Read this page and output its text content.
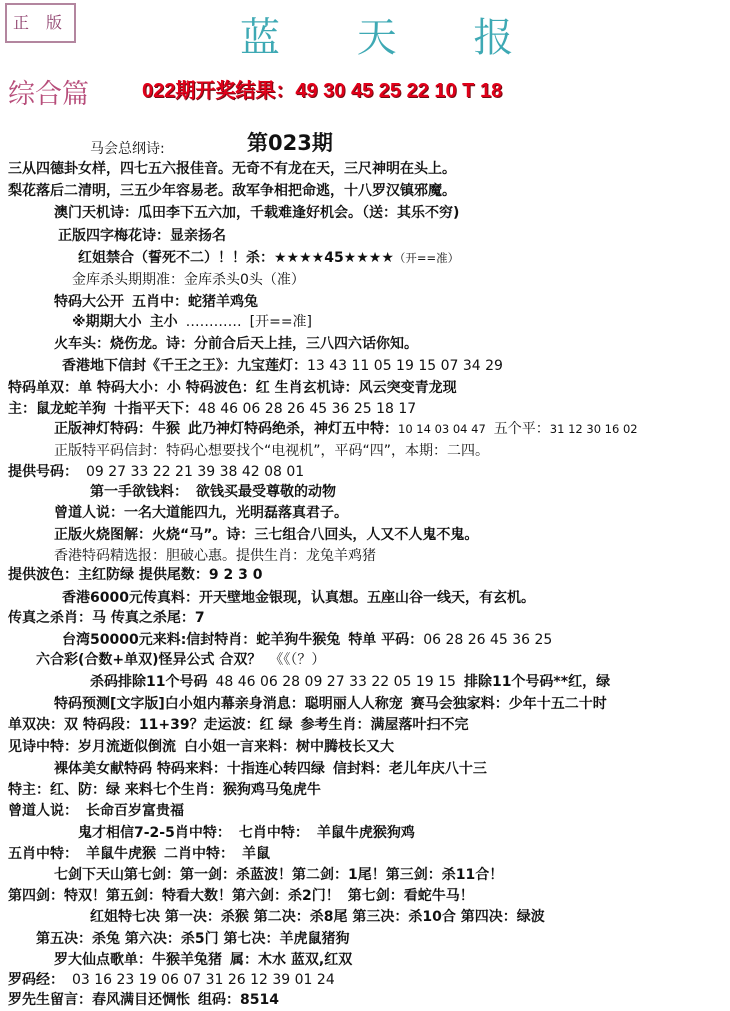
正 版	蓝 天 报
综合篇	022期开奖结果：49 30 45 25 22 10 T 18
第023期
马会总纲诗:
三从四德卦女样，四七五六报佳音。无奇不有龙在天，三尺神明在头上。
梨花落后二清明，三五少年容易老。敌军争相把命逃，十八罗汉镇邪魔。
澳门天机诗：瓜田李下五六加，千载难逢好机会。（送：其乐不穷)
正版四字梅花诗：显亲扬名
红姐禁合（誓死不二）！！杀：★★★★45★★★★（开==准）
金库杀头期期准：金库杀头0头（准）
特码大公开 五肖中：蛇猪羊鸡兔
※期期大小 主小 ………… [开==准]
火车头：烧伤龙。诗：分前合后天上挂，三八四六话你知。
香港地下信封《千王之王》：九宝莲灯：13 43 11 05 19 15 07 34 29
特码单双：单 特码大小：小 特码波色：红 生肖玄机诗：风云突变青龙现
主：鼠龙蛇羊狗 十指平天下：48 46 06 28 26 45 36 25 18 17
正版神灯特码：牛猴 此乃神灯特码绝杀，神灯五中特：10 14 03 04 47 五个平：31 12 30 16 02
正版特平码信封：特码心想要找个“电视机”，平码“四”，本期：二四。
提供号码： 09 27 33 22 21 39 38 42 08 01
第一手欲钱料： 欲钱买最受尊敬的动物
曾道人说：一名大道能四九，光明磊落真君子。
正版火烧图解：火烧“马”。诗：三七组合八回头，人又不人鬼不鬼。
香港特码精选报：胆破心惠。提供生肖：龙兔羊鸡猪
提供波色：主红防绿 提供尾数：9 2 3 0
香港6000元传真料：开天壁地金银现，认真想。五座山谷一线天，有玄机。
传真之杀肖：马 传真之杀尾：7
台湾50000元来料:信封特肖：蛇羊狗牛猴兔 特单 平码：06 28 26 45 36 25
六合彩(合数+单双)怪异公式 合双？ 《《（？）
杀码排除11个号码 48 46 06 28 09 27 33 22 05 19 15 排除11个号码**红，绿
特码预测[文字版]白小姐内幕亲身消息：聪明丽人人称宠 赛马会独家料：少年十五二十时
单双决：双 特码段：11+39？走运波：红 绿 参考生肖：满屋落叶扫不完
见诗中特：岁月流逝似倒流 白小姐一言来料：树中腾枝长又大
裸体美女献特码 特码来料：十指连心转四绿 信封料：老儿年庆八十三
特主：红、防：绿 来料七个生肖：猴狗鸡马兔虎牛
曾道人说： 长命百岁富贵福
鬼才相信7-2-5肖中特： 七肖中特： 羊鼠牛虎猴狗鸡
五肖中特： 羊鼠牛虎猴 二肖中特： 羊鼠
七剑下天山第七剑：第一剑：杀蓝波！第二剑：1尾！第三剑：杀11合！
第四剑：特双！第五剑：特看大数！第六剑：杀2门！ 第七剑：看蛇牛马！
红姐特七决 第一决：杀猴 第二决：杀8尾 第三决：杀10合 第四决：绿波
第五决：杀兔 第六决：杀5门 第七决：羊虎鼠猪狗
罗大仙点歌单：牛猴羊兔猪 属：木水 蓝双,红双
罗码经： 03 16 23 19 06 07 31 26 12 39 01 24
罗先生留言：春风满目还惆怅 组码：8514
